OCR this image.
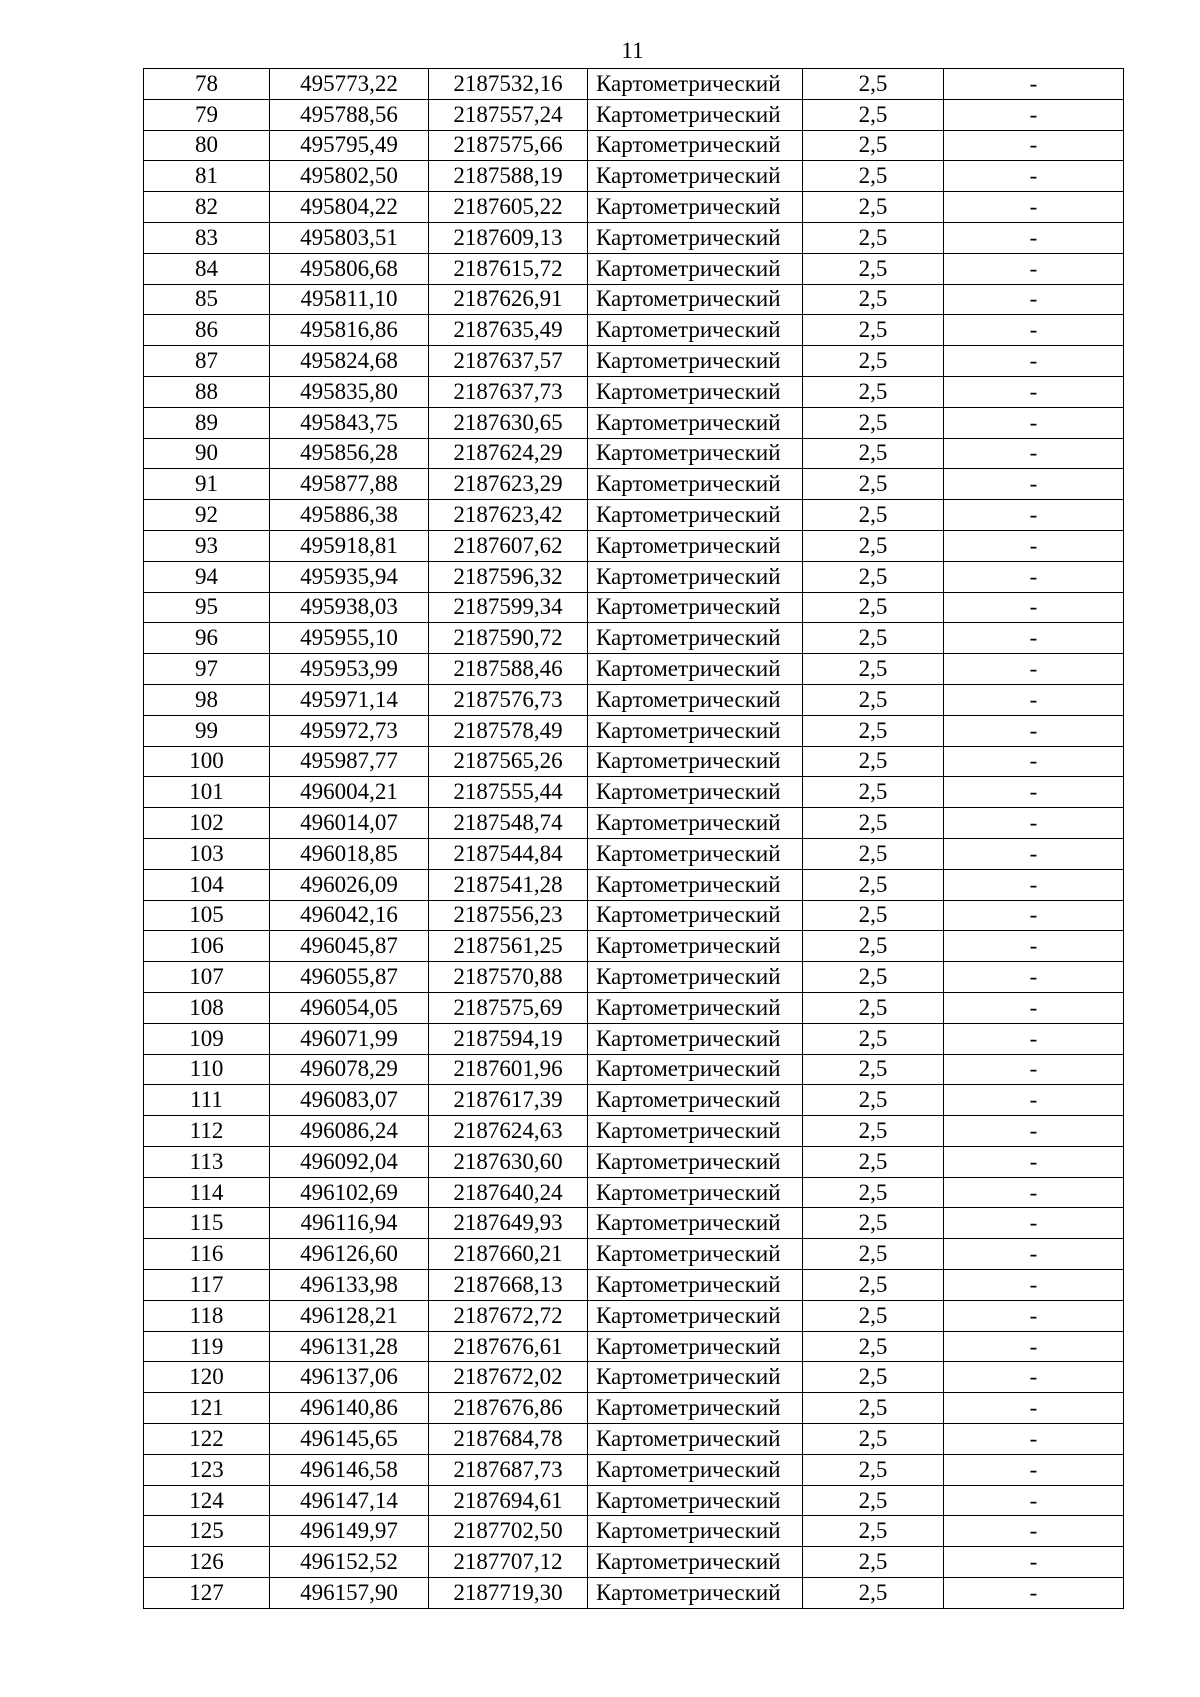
11
78	495773,22	2187532,16	Картометрический	2,5	-
79	495788,56	2187557,24	Картометрический	2,5	-
80	495795,49	2187575,66	Картометрический	2,5	-
81	495802,50	2187588,19	Картометрический	2,5	-
82	495804,22	2187605,22	Картометрический	2,5	-
83	495803,51	2187609,13	Картометрический	2,5	-
84	495806,68	2187615,72	Картометрический	2,5	-
85	495811,10	2187626,91	Картометрический	2,5	-
86	495816,86	2187635,49	Картометрический	2,5	-
87	495824,68	2187637,57	Картометрический	2,5	-
88	495835,80	2187637,73	Картометрический	2,5	-
89	495843,75	2187630,65	Картометрический	2,5	-
90	495856,28	2187624,29	Картометрический	2,5	-
91	495877,88	2187623,29	Картометрический	2,5	-
92	495886,38	2187623,42	Картометрический	2,5	-
93	495918,81	2187607,62	Картометрический	2,5	-
94	495935,94	2187596,32	Картометрический	2,5	-
95	495938,03	2187599,34	Картометрический	2,5	-
96	495955,10	2187590,72	Картометрический	2,5	-
97	495953,99	2187588,46	Картометрический	2,5	-
98	495971,14	2187576,73	Картометрический	2,5	-
99	495972,73	2187578,49	Картометрический	2,5	-
100	495987,77	2187565,26	Картометрический	2,5	-
101	496004,21	2187555,44	Картометрический	2,5	-
102	496014,07	2187548,74	Картометрический	2,5	-
103	496018,85	2187544,84	Картометрический	2,5	-
104	496026,09	2187541,28	Картометрический	2,5	-
105	496042,16	2187556,23	Картометрический	2,5	-
106	496045,87	2187561,25	Картометрический	2,5	-
107	496055,87	2187570,88	Картометрический	2,5	-
108	496054,05	2187575,69	Картометрический	2,5	-
109	496071,99	2187594,19	Картометрический	2,5	-
110	496078,29	2187601,96	Картометрический	2,5	-
111	496083,07	2187617,39	Картометрический	2,5	-
112	496086,24	2187624,63	Картометрический	2,5	-
113	496092,04	2187630,60	Картометрический	2,5	-
114	496102,69	2187640,24	Картометрический	2,5	-
115	496116,94	2187649,93	Картометрический	2,5	-
116	496126,60	2187660,21	Картометрический	2,5	-
117	496133,98	2187668,13	Картометрический	2,5	-
118	496128,21	2187672,72	Картометрический	2,5	-
119	496131,28	2187676,61	Картометрический	2,5	-
120	496137,06	2187672,02	Картометрический	2,5	-
121	496140,86	2187676,86	Картометрический	2,5	-
122	496145,65	2187684,78	Картометрический	2,5	-
123	496146,58	2187687,73	Картометрический	2,5	-
124	496147,14	2187694,61	Картометрический	2,5	-
125	496149,97	2187702,50	Картометрический	2,5	-
126	496152,52	2187707,12	Картометрический	2,5	-
127	496157,90	2187719,30	Картометрический	2,5	-
